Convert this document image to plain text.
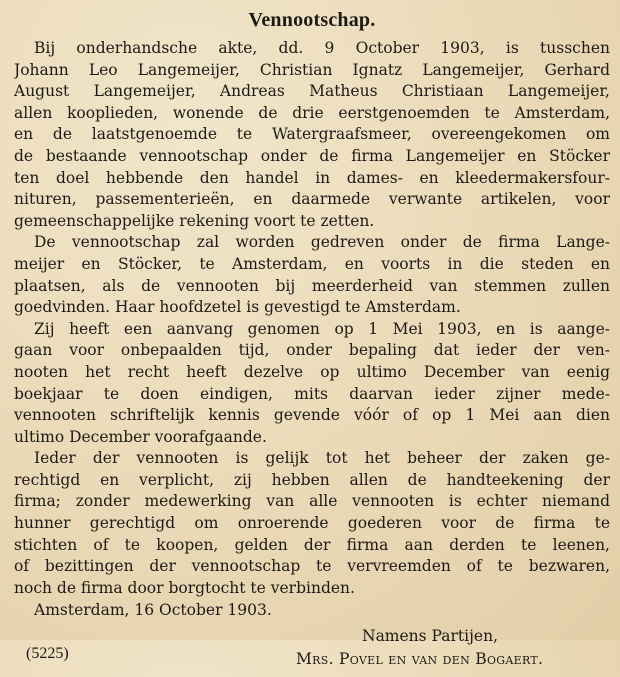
Vennootschap.

Bij onderhandsche akte, dd. 9 October 1903, is tusschen
Johann Leo Langemeijer, Christian Ignatz Langemeijer, Gerhard
August Langemeijer, Andreas Matheus Christiaan Langemeijer,
allen kooplieden, wonende de drie eerstgenoemden te Amsterdam,
en de laatstgenoemde te Watergraafsmeer, overeengekomen om
de bestaande vennootschap onder de firma Langemeijer en Stöcker
ten doel hebbende den handel in dames- en kleedermakersfour-
nituren, passementerieën, en daarmede verwante artikelen, voor
gemeenschappelijke rekening voort te zetten.

De vennootschap zal worden gedreven onder de firma Lange-
meijer en Stöcker, te Amsterdam, en voorts in die steden en
plaatsen, als de vennooten bij meerderheid van stemmen zullen
goedvinden. Haar hoofdzetel is gevestigd te Amsterdam.

Zij heeft een aanvang genomen op 1 Mei 1903, en is aange-
gaan voor onbepaalden tijd, onder bepaling dat ieder der ven-
nooten het recht heeft dezelve op ultimo December van eenig
boekjaar te doen eindigen, mits daarvan ieder zijner mede-
vennooten schriftelijk kennis gevende vóór of op 1 Mei aan dien
ultimo December voorafgaande.

Ieder der vennooten is gelijk tot het beheer der zaken ge-
rechtigd en verplicht, zij hebben allen de handteekening der
firma; zonder medewerking van alle vennooten is echter niemand
hunner gerechtigd om onroerende goederen voor de firma te
stichten of te koopen, gelden der firma aan derden te leenen,
of bezittingen der vennootschap te vervreemden of te bezwaren,
noch de firma door borgtocht te verbinden.

Amsterdam, 16 October 1903.
(5225)
Namens Partijen,
Mrs. Povel en van den Bogaert.
